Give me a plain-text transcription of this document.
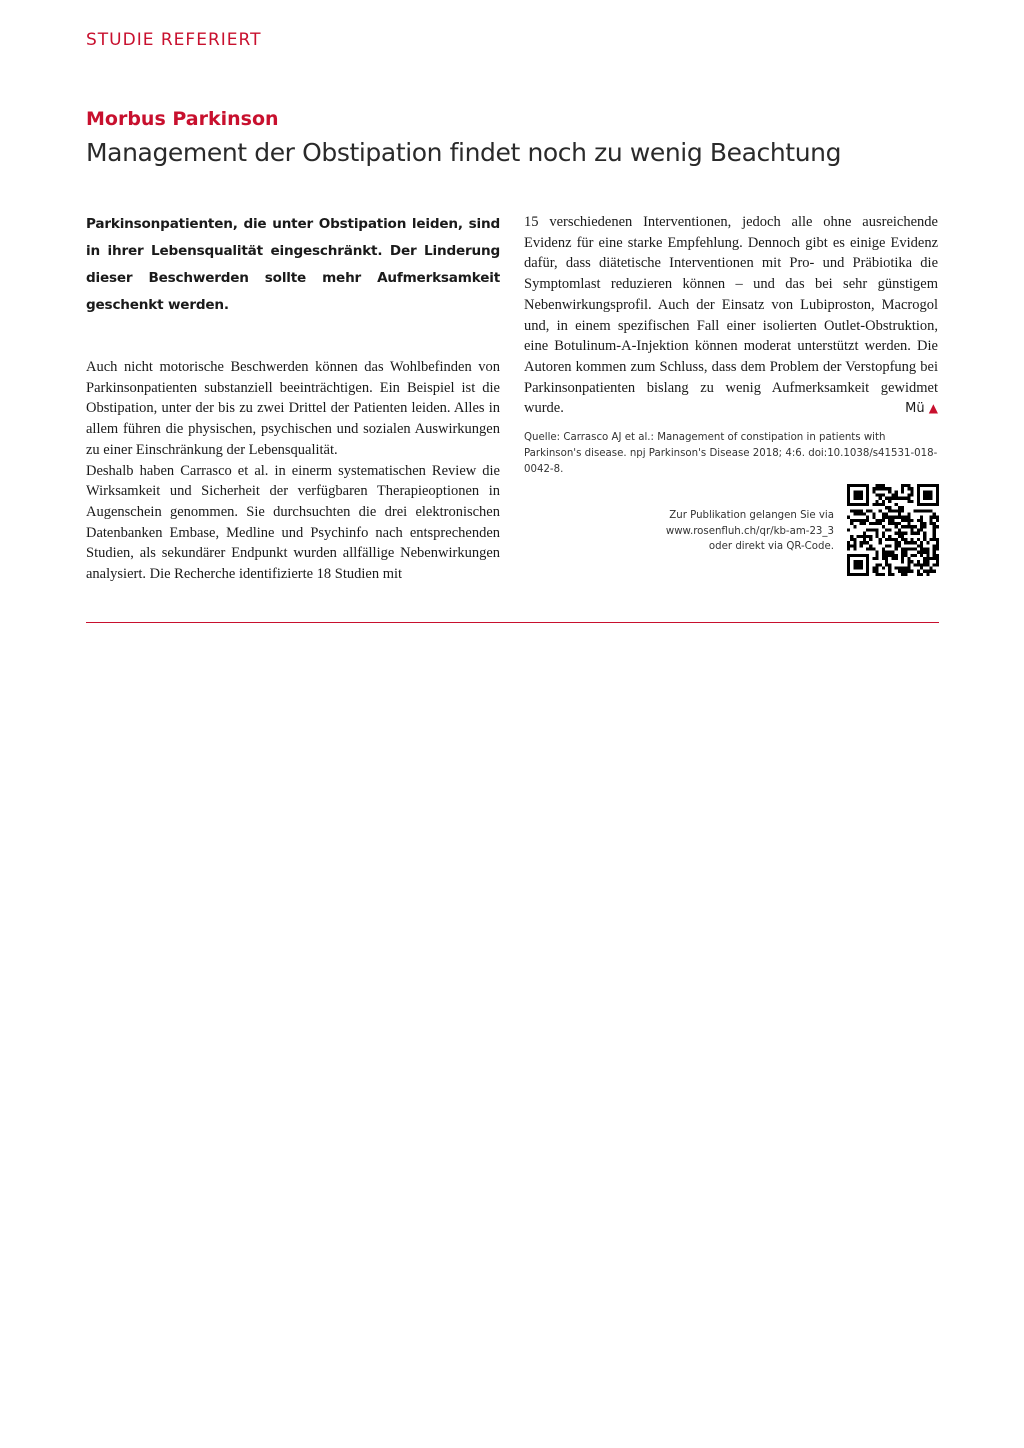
STUDIE REFERIERT
Morbus Parkinson
Management der Obstipation findet noch zu wenig Beachtung

Parkinsonpatienten, die unter Obstipation leiden, sind in ihrer Lebensqualität eingeschränkt. Der Linderung dieser Beschwerden sollte mehr Aufmerksamkeit geschenkt werden.

Auch nicht motorische Beschwerden können das Wohlbefinden von Parkinsonpatienten substanziell beeinträchtigen. Ein Beispiel ist die Obstipation, unter der bis zu zwei Drittel der Patienten leiden. Alles in allem führen die physischen, psychischen und sozialen Auswirkungen zu einer Einschränkung der Lebensqualität.

Deshalb haben Carrasco et al. in einerm systematischen Review die Wirksamkeit und Sicherheit der verfügbaren Therapieoptionen in Augenschein genommen. Sie durchsuchten die drei elektronischen Datenbanken Embase, Medline und Psychinfo nach entsprechenden Studien, als sekundärer Endpunkt wurden allfällige Nebenwirkungen analysiert. Die Recherche identifizierte 18 Studien mit

15 verschiedenen Interventionen, jedoch alle ohne ausreichende Evidenz für eine starke Empfehlung. Dennoch gibt es einige Evidenz dafür, dass diätetische Interventionen mit Pro- und Präbiotika die Symptomlast reduzieren können – und das bei sehr günstigem Nebenwirkungsprofil. Auch der Einsatz von Lubiproston, Macrogol und, in einem spezifischen Fall einer isolierten Outlet-Obstruktion, eine Botulinum-A-Injektion können moderat unterstützt werden. Die Autoren kommen zum Schluss, dass dem Problem der Verstopfung bei Parkinsonpatienten bislang zu wenig Aufmerksamkeit gewidmet wurde.	Mü ▲

Quelle: Carrasco AJ et al.: Management of constipation in patients with Parkinson's disease. npj Parkinson's Disease 2018; 4:6. doi:10.1038/s41531-018-0042-8.

Zur Publikation gelangen Sie via
www.rosenfluh.ch/qr/kb-am-23_3
oder direkt via QR-Code.
